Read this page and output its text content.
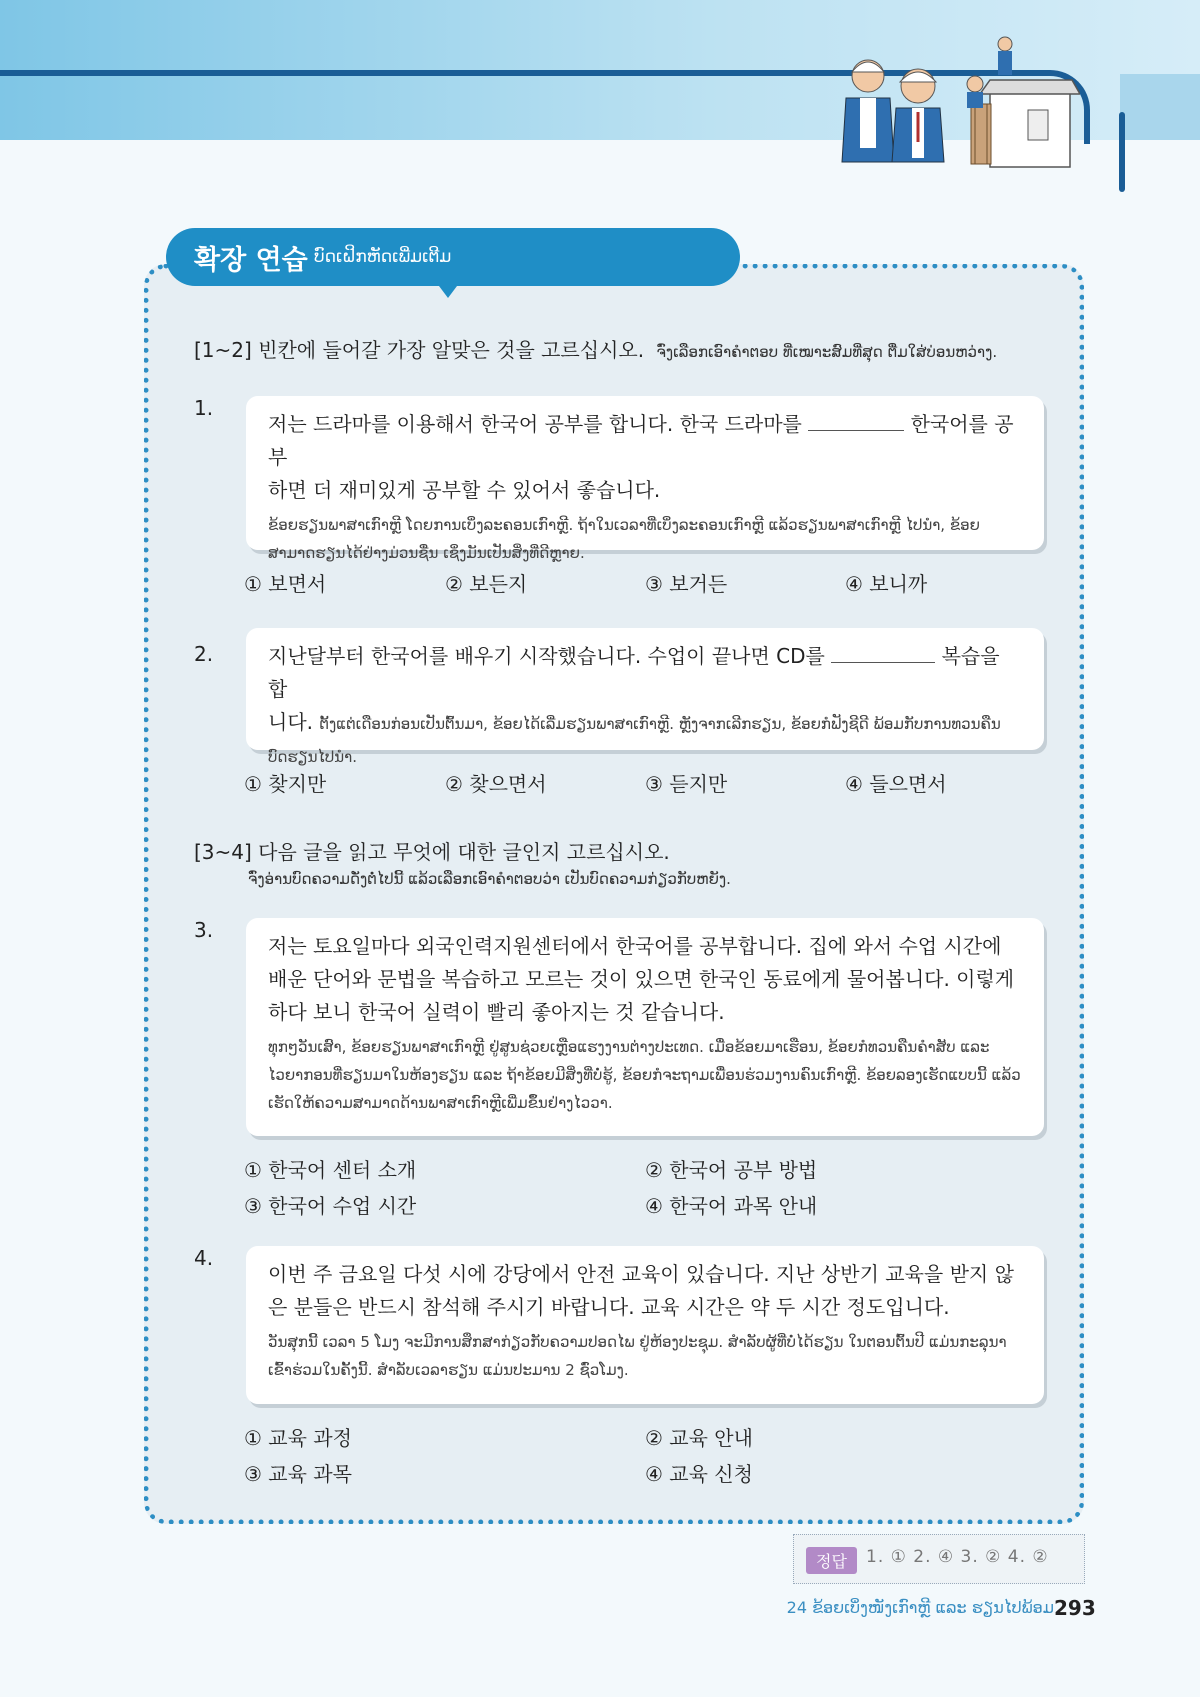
확장 연습 ບົດເຝິກຫັດເພີ່ມເຕີມ
[1~2] 빈칸에 들어갈 가장 알맞은 것을 고르십시오. ຈົ່ງເລືອກເອົາຄຳຕອບ ທີ່ເໝາະສົມທີ່ສຸດ ຕື່ມໃສ່ບ່ອນຫວ່າງ.
1.
저는 드라마를 이용해서 한국어 공부를 합니다. 한국 드라마를	한국어를 공부
하면 더 재미있게 공부할 수 있어서 좋습니다.
ຂ້ອຍຮຽນພາສາເກົາຫຼີ ໂດຍການເບິ່ງລະຄອນເກົາຫຼີ. ຖ້າໃນເວລາທີ່ເບິ່ງລະຄອນເກົາຫຼີ ແລ້ວຮຽນພາສາເກົາຫຼີ ໄປນຳ, ຂ້ອຍສາມາດຮຽນໄດ້ຢ່າງມ່ວນຊື່ນ ເຊິ່ງມັນເປັນສິ່ງທີ່ດີຫຼາຍ.
① 보면서	② 보든지	③ 보거든	④ 보니까
2.	지난달부터 한국어를 배우기 시작했습니다. 수업이 끝나면 CD를	복습을 합
니다. ຕັ້ງແຕ່ເດືອນກ່ອນເປັນຕົ້ນມາ, ຂ້ອຍໄດ້ເລີ່ມຮຽນພາສາເກົາຫຼີ. ຫຼັງຈາກເລີກຮຽນ, ຂ້ອຍກໍຟັງຊີດີ ພ້ອມກັບການທວນຄືນບົດຮຽນໄປນຳ.
① 찾지만	② 찾으면서	③ 듣지만	④ 들으면서
[3~4] 다음 글을 읽고 무엇에 대한 글인지 고르십시오.
ຈົ່ງອ່ານບົດຄວາມດັ່ງຕໍ່ໄປນີ້ ແລ້ວເລືອກເອົາຄຳຕອບວ່າ ເປັນບົດຄວາມກ່ຽວກັບຫຍັງ.
3.
저는 토요일마다 외국인력지원센터에서 한국어를 공부합니다. 집에 와서 수업 시간에 배운 단어와 문법을 복습하고 모르는 것이 있으면 한국인 동료에게 물어봅니다. 이렇게 하다 보니 한국어 실력이 빨리 좋아지는 것 같습니다.
ທຸກໆວັນເສົາ, ຂ້ອຍຮຽນພາສາເກົາຫຼີ ຢູ່ສູນຊ່ວຍເຫຼືອແຮງງານຕ່າງປະເທດ. ເມື່ອຂ້ອຍມາເຮືອນ, ຂ້ອຍກໍທວນຄືນຄຳສັບ ແລະ ໄວຍາກອນທີ່ຮຽນມາໃນຫ້ອງຮຽນ ແລະ ຖ້າຂ້ອຍມີສິ່ງທີ່ບໍ່ຮູ້, ຂ້ອຍກໍຈະຖາມເພື່ອນຮ່ວມງານຄົນເກົາຫຼີ. ຂ້ອຍລອງເຮັດແບບນີ້ ແລ້ວເຮັດໃຫ້ຄວາມສາມາດດ້ານພາສາເກົາຫຼີເພີ່ມຂຶ້ນຢ່າງໄວວາ.
① 한국어 센터 소개	② 한국어 공부 방법
③ 한국어 수업 시간	④ 한국어 과목 안내
4.
이번 주 금요일 다섯 시에 강당에서 안전 교육이 있습니다. 지난 상반기 교육을 받지 않은 분들은 반드시 참석해 주시기 바랍니다. 교육 시간은 약 두 시간 정도입니다.
ວັນສຸກນີ້ ເວລາ 5 ໂມງ ຈະມີການສຶກສາກ່ຽວກັບຄວາມປອດໄພ ຢູ່ຫ້ອງປະຊຸມ. ສຳລັບຜູ້ທີ່ບໍ່ໄດ້ຮຽນ ໃນຕອນຕົ້ນປີ ແມ່ນກະລຸນາເຂົ້າຮ່ວມໃນຄັ້ງນີ້. ສຳລັບເວລາຮຽນ ແມ່ນປະມານ 2 ຊົ່ວໂມງ.
① 교육 과정	② 교육 안내
③ 교육 과목	④ 교육 신청
정답	1. ① 2. ④ 3. ② 4. ②
24 ຂ້ອຍເບິ່ງໜັງເກົາຫຼີ ແລະ ຮຽນໄປພ້ອມ 293
